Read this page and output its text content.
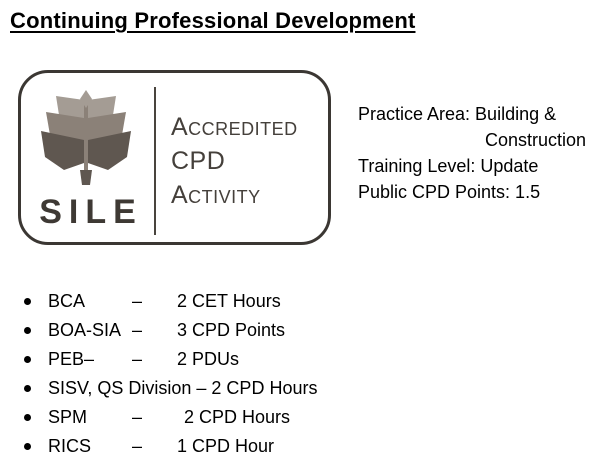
Continuing Professional Development
SILE
Accredited
CPD
Activity
Practice Area: Building &
Construction
Training Level: Update
Public CPD Points: 1.5
BCA	– 2 CET Hours
BOA-SIA – 3 CPD Points
PEB– – 2 PDUs
SISV, QS Division – 2 CPD Hours
SPM – 2 CPD Hours
RICS – 1 CPD Hour
